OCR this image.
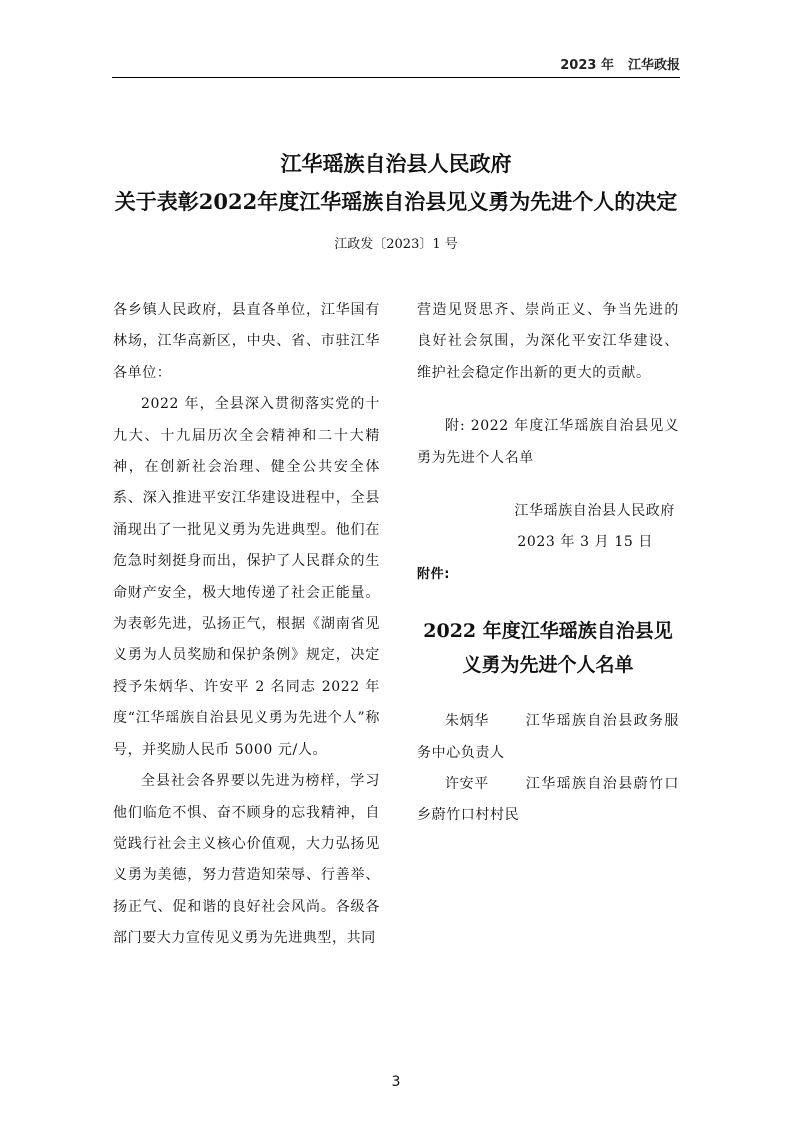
2023 年 江华政报
江华瑶族自治县人民政府
关于表彰2022年度江华瑶族自治县见义勇为先进个人的决定
江政发〔2023〕1 号

各乡镇人民政府，县直各单位，江华国有林场，江华高新区，中央、省、市驻江华各单位：

2022 年，全县深入贯彻落实党的十九大、十九届历次全会精神和二十大精神，在创新社会治理、健全公共安全体系、深入推进平安江华建设进程中，全县涌现出了一批见义勇为先进典型。他们在危急时刻挺身而出，保护了人民群众的生命财产安全，极大地传递了社会正能量。为表彰先进，弘扬正气，根据《湖南省见义勇为人员奖励和保护条例》规定，决定授予朱炳华、许安平 2 名同志 2022 年度“江华瑶族自治县见义勇为先进个人”称号，并奖励人民币 5000 元/人。

全县社会各界要以先进为榜样，学习他们临危不惧、奋不顾身的忘我精神，自觉践行社会主义核心价值观，大力弘扬见义勇为美德，努力营造知荣辱、行善举、扬正气、促和谐的良好社会风尚。各级各部门要大力宣传见义勇为先进典型，共同

营造见贤思齐、崇尚正义、争当先进的良好社会氛围，为深化平安江华建设、维护社会稳定作出新的更大的贡献。

附: 2022 年度江华瑶族自治县见义勇为先进个人名单

江华瑶族自治县人民政府

2023 年 3 月 15 日

附件:

2022 年度江华瑶族自治县见义勇为先进个人名单

朱炳华	江华瑶族自治县政务服务中心负责人

许安平	江华瑶族自治县蔚竹口乡蔚竹口村村民

3
